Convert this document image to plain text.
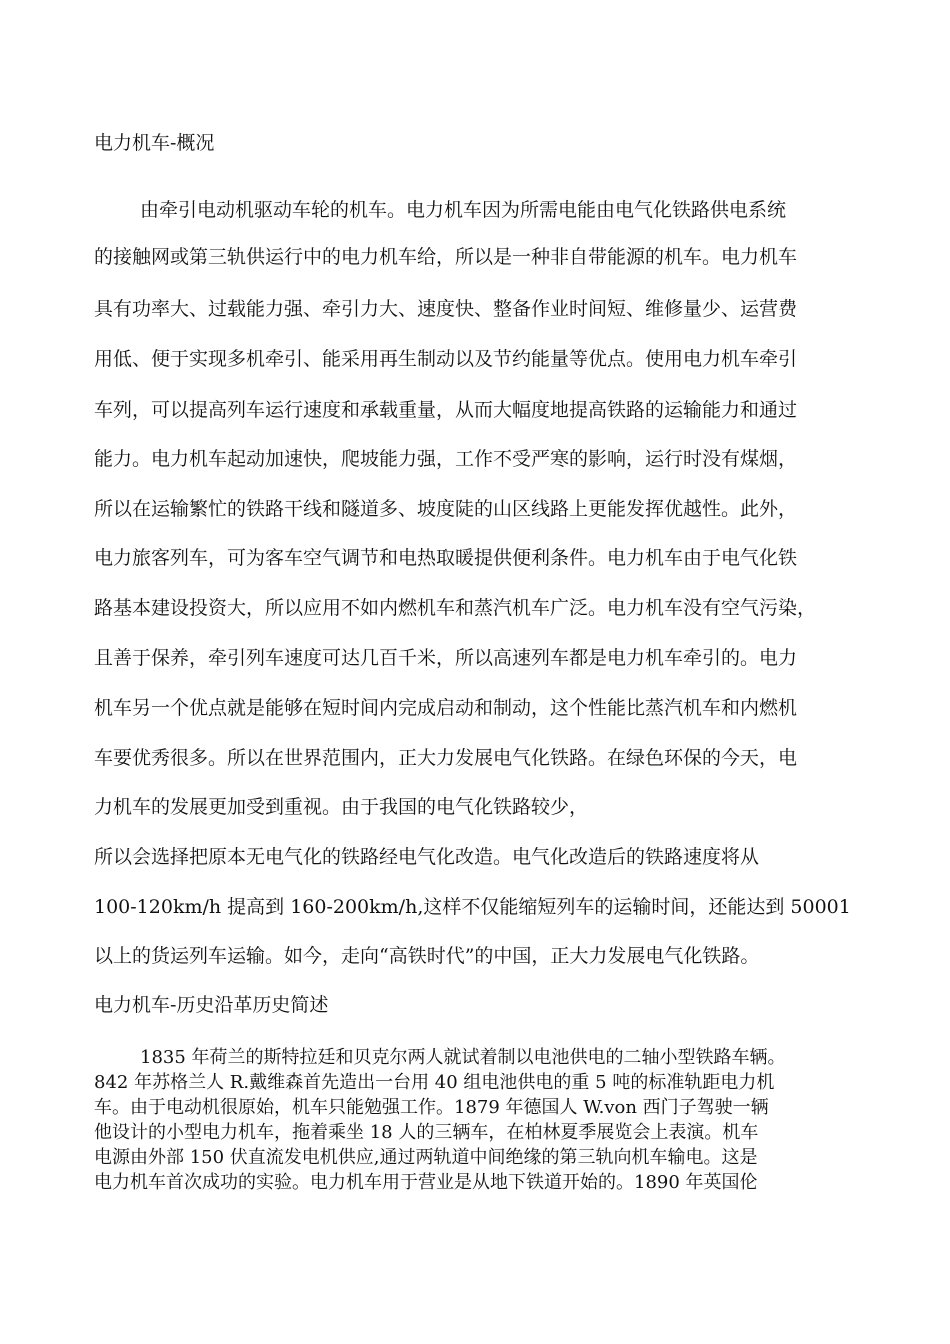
电力机车-概况
由牵引电动机驱动车轮的机车。电力机车因为所需电能由电气化铁路供电系统
的接触网或第三轨供运行中的电力机车给，所以是一种非自带能源的机车。电力机车
具有功率大、过载能力强、牵引力大、速度快、整备作业时间短、维修量少、运营费
用低、便于实现多机牵引、能采用再生制动以及节约能量等优点。使用电力机车牵引
车列，可以提高列车运行速度和承载重量，从而大幅度地提高铁路的运输能力和通过
能力。电力机车起动加速快，爬坡能力强，工作不受严寒的影响，运行时没有煤烟，
所以在运输繁忙的铁路干线和隧道多、坡度陡的山区线路上更能发挥优越性。此外，
电力旅客列车，可为客车空气调节和电热取暖提供便利条件。电力机车由于电气化铁
路基本建设投资大，所以应用不如内燃机车和蒸汽机车广泛。电力机车没有空气污染，
且善于保养，牵引列车速度可达几百千米，所以高速列车都是电力机车牵引的。电力
机车另一个优点就是能够在短时间内完成启动和制动，这个性能比蒸汽机车和内燃机
车要优秀很多。所以在世界范围内，正大力发展电气化铁路。在绿色环保的今天，电
力机车的发展更加受到重视。由于我国的电气化铁路较少，
所以会选择把原本无电气化的铁路经电气化改造。电气化改造后的铁路速度将从
100-120km/h 提高到 160-200km/h,这样不仅能缩短列车的运输时间，还能达到 50001
以上的货运列车运输。如今，走向“高铁时代”的中国，正大力发展电气化铁路。
电力机车-历史沿革历史简述
1835 年荷兰的斯特拉廷和贝克尔两人就试着制以电池供电的二轴小型铁路车辆。
842 年苏格兰人 R.戴维森首先造出一台用 40 组电池供电的重 5 吨的标准轨距电力机
车。由于电动机很原始，机车只能勉强工作。1879 年德国人 W.von 西门子驾驶一辆
他设计的小型电力机车，拖着乘坐 18 人的三辆车，在柏林夏季展览会上表演。机车
电源由外部 150 伏直流发电机供应,通过两轨道中间绝缘的第三轨向机车输电。这是
电力机车首次成功的实验。电力机车用于营业是从地下铁道开始的。1890 年英国伦
